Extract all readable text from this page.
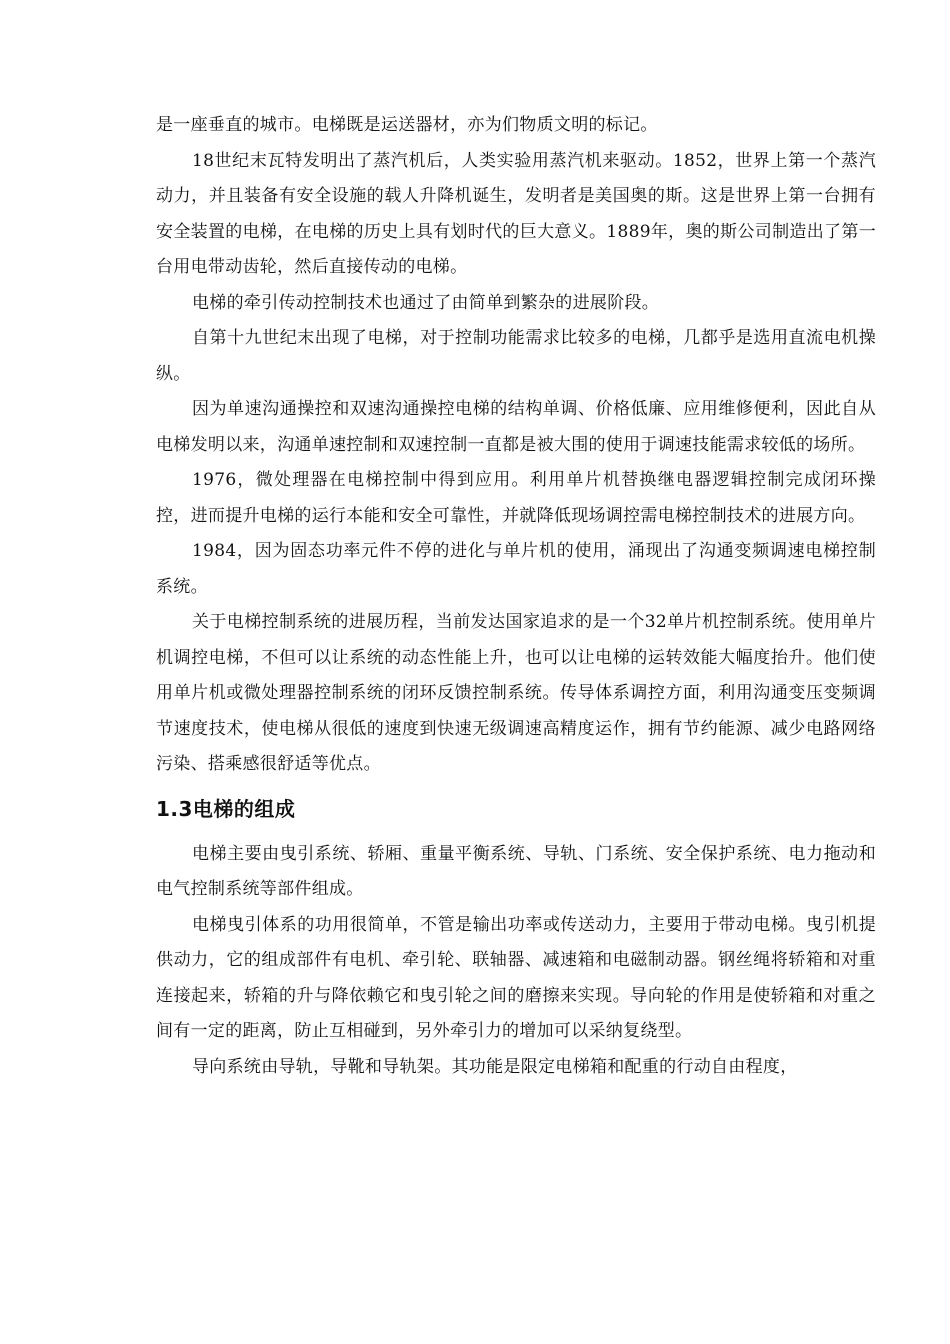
是一座垂直的城市。电梯既是运送器材，亦为们物质文明的标记。

18世纪末瓦特发明出了蒸汽机后，人类实验用蒸汽机来驱动。1852，世界上第一个蒸汽动力，并且装备有安全设施的载人升降机诞生，发明者是美国奥的斯。这是世界上第一台拥有安全装置的电梯，在电梯的历史上具有划时代的巨大意义。1889年，奥的斯公司制造出了第一台用电带动齿轮，然后直接传动的电梯。

电梯的牵引传动控制技术也通过了由简单到繁杂的进展阶段。

自第十九世纪末出现了电梯，对于控制功能需求比较多的电梯，几都乎是选用直流电机操纵。

因为单速沟通操控和双速沟通操控电梯的结构单调、价格低廉、应用维修便利，因此自从电梯发明以来，沟通单速控制和双速控制一直都是被大围的使用于调速技能需求较低的场所。

1976，微处理器在电梯控制中得到应用。利用单片机替换继电器逻辑控制完成闭环操控，进而提升电梯的运行本能和安全可靠性，并就降低现场调控需电梯控制技术的进展方向。

1984，因为固态功率元件不停的进化与单片机的使用，涌现出了沟通变频调速电梯控制系统。

关于电梯控制系统的进展历程，当前发达国家追求的是一个32单片机控制系统。使用单片机调控电梯，不但可以让系统的动态性能上升，也可以让电梯的运转效能大幅度抬升。他们使用单片机或微处理器控制系统的闭环反馈控制系统。传导体系调控方面，利用沟通变压变频调节速度技术，使电梯从很低的速度到快速无级调速高精度运作，拥有节约能源、减少电路网络污染、搭乘感很舒适等优点。

1.3电梯的组成

电梯主要由曳引系统、轿厢、重量平衡系统、导轨、门系统、安全保护系统、电力拖动和电气控制系统等部件组成。

电梯曳引体系的功用很简单，不管是输出功率或传送动力，主要用于带动电梯。曳引机提供动力，它的组成部件有电机、牵引轮、联轴器、减速箱和电磁制动器。钢丝绳将轿箱和对重连接起来，轿箱的升与降依赖它和曳引轮之间的磨擦来实现。导向轮的作用是使轿箱和对重之间有一定的距离，防止互相碰到，另外牵引力的增加可以采纳复绕型。

导向系统由导轨，导靴和导轨架。其功能是限定电梯箱和配重的行动自由程度，
